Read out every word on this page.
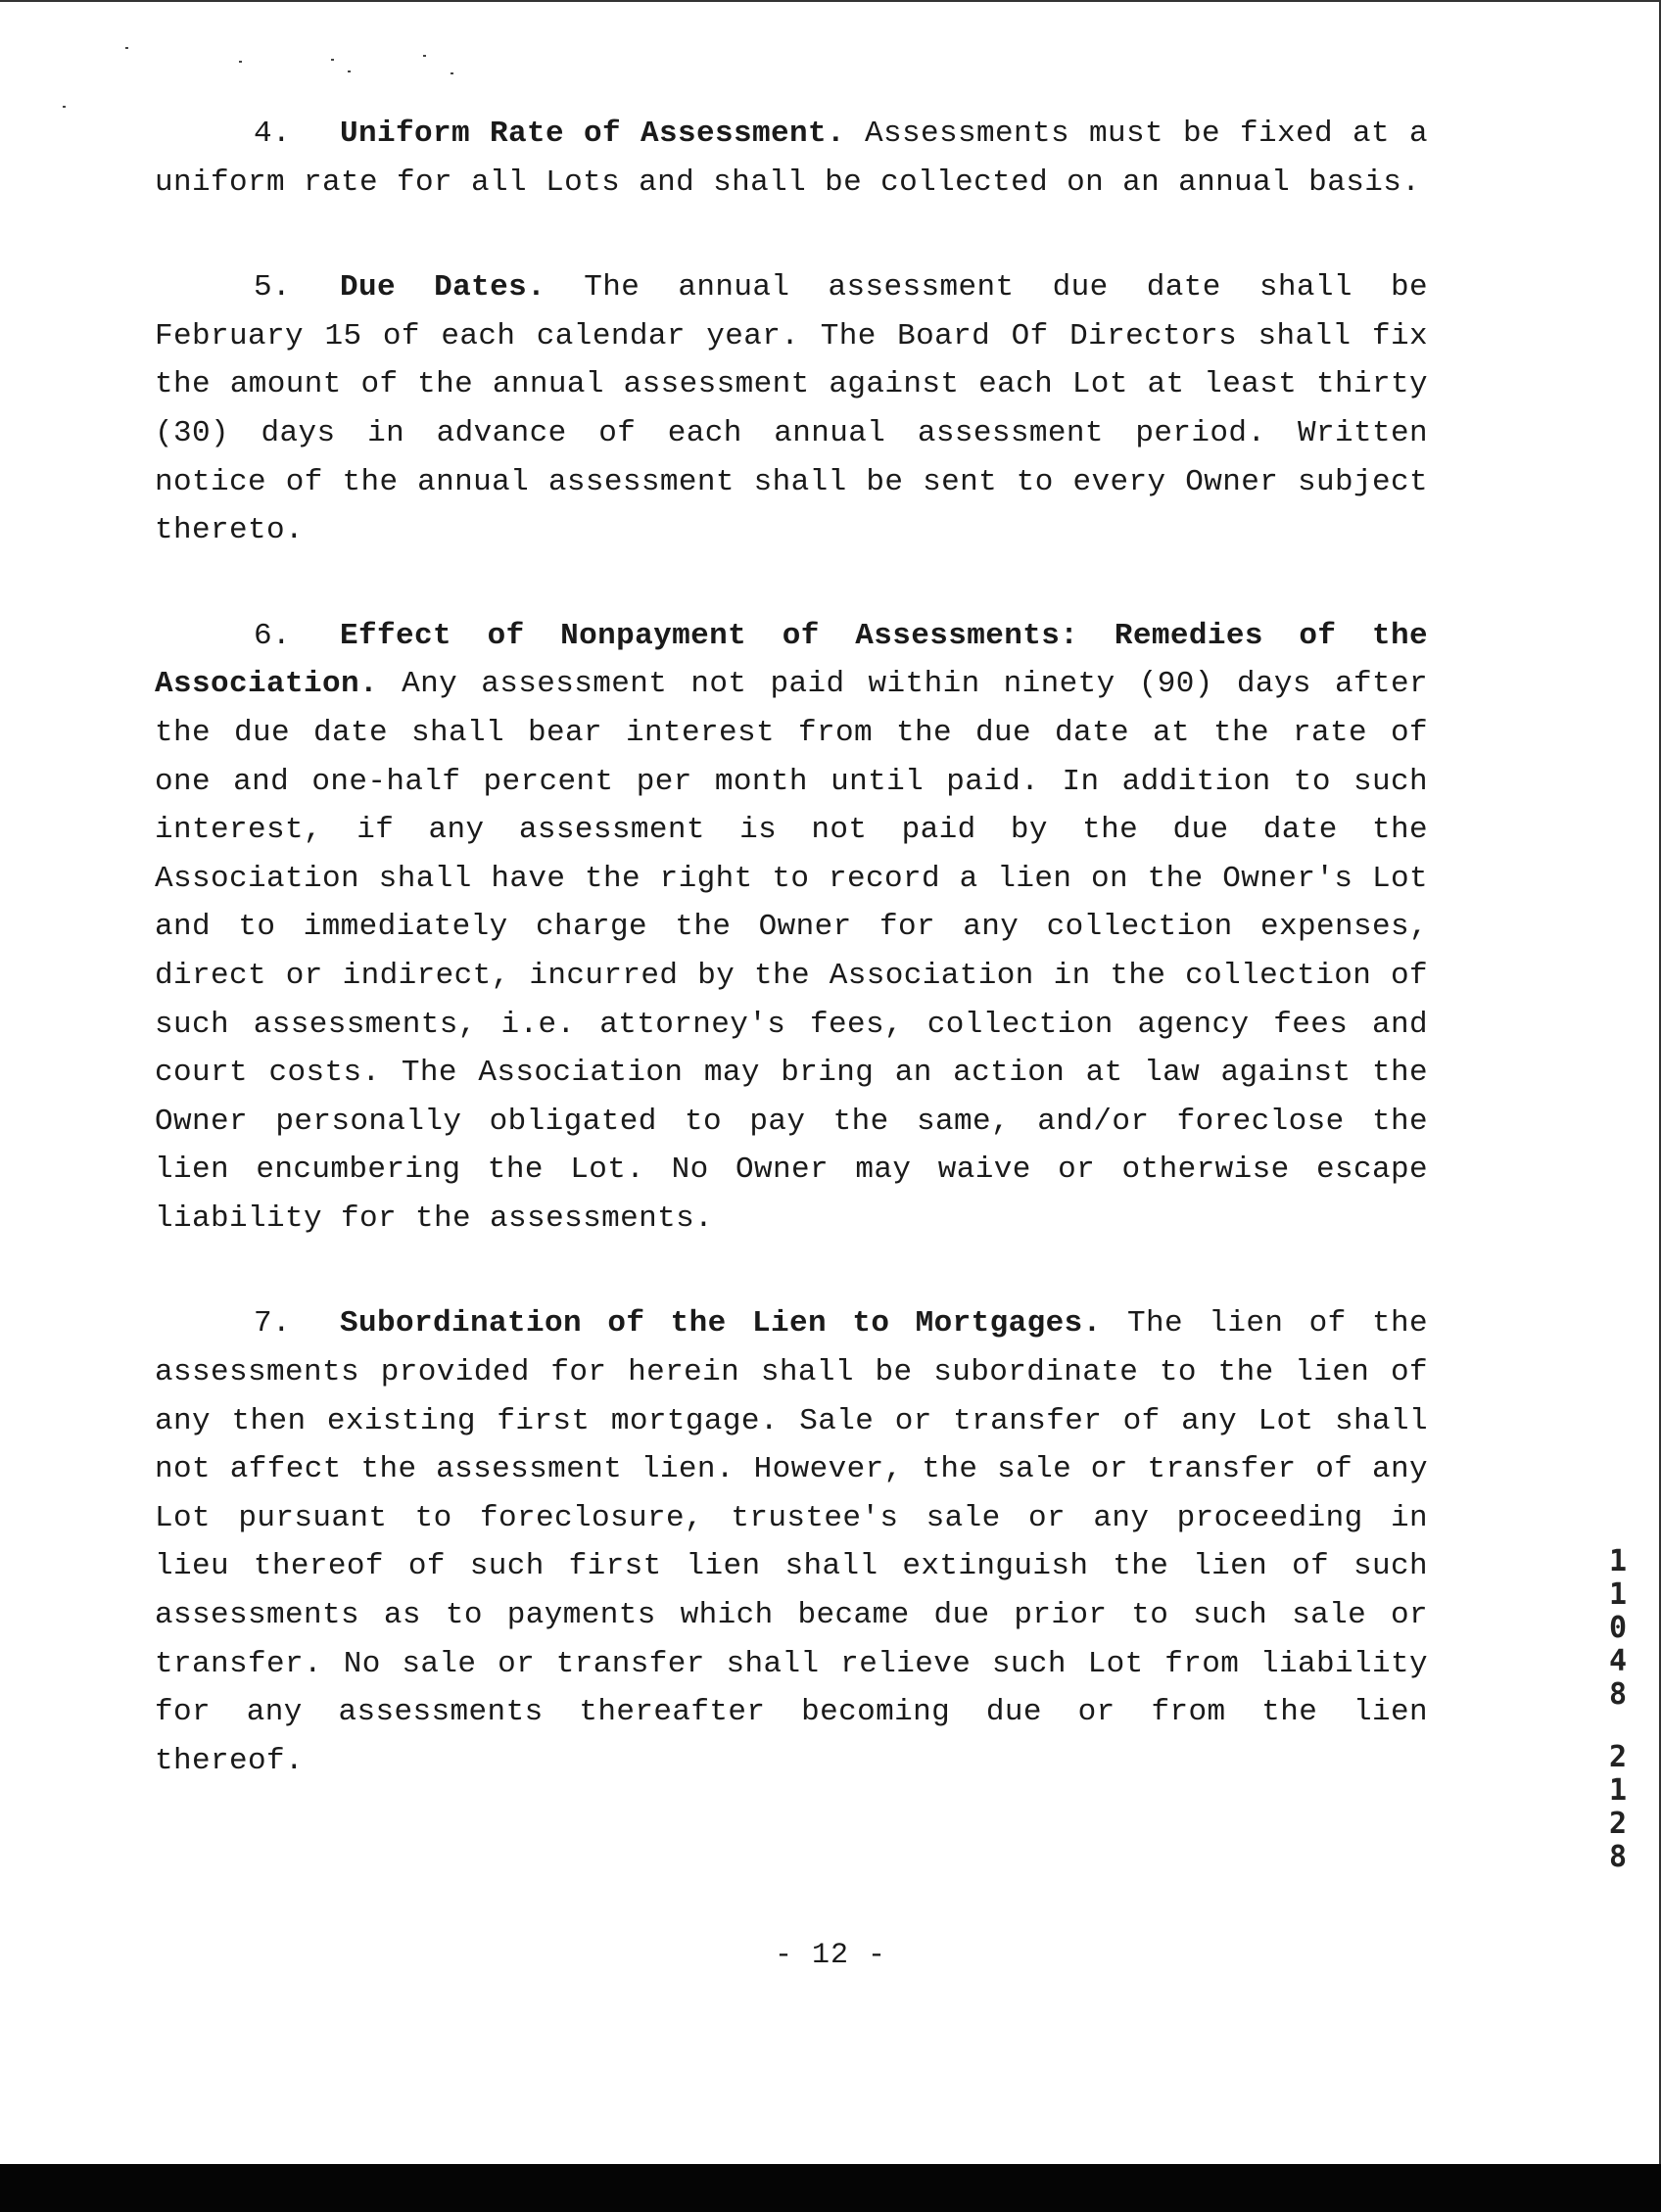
4. Uniform Rate of Assessment. Assessments must be fixed at a uniform rate for all Lots and shall be collected on an annual basis.

5. Due Dates. The annual assessment due date shall be February 15 of each calendar year. The Board Of Directors shall fix the amount of the annual assessment against each Lot at least thirty (30) days in advance of each annual assessment period. Written notice of the annual assessment shall be sent to every Owner subject thereto.

6. Effect of Nonpayment of Assessments: Remedies of the Association. Any assessment not paid within ninety (90) days after the due date shall bear interest from the due date at the rate of one and one-half percent per month until paid. In addition to such interest, if any assessment is not paid by the due date the Association shall have the right to record a lien on the Owner's Lot and to immediately charge the Owner for any collection expenses, direct or indirect, incurred by the Association in the collection of such assessments, i.e. attorney's fees, collection agency fees and court costs. The Association may bring an action at law against the Owner personally obligated to pay the same, and/or foreclose the lien encumbering the Lot. No Owner may waive or otherwise escape liability for the assessments.

7. Subordination of the Lien to Mortgages. The lien of the assessments provided for herein shall be subordinate to the lien of any then existing first mortgage. Sale or transfer of any Lot shall not affect the assessment lien. However, the sale or transfer of any Lot pursuant to foreclosure, trustee's sale or any proceeding in lieu thereof of such first lien shall extinguish the lien of such assessments as to payments which became due prior to such sale or transfer. No sale or transfer shall relieve such Lot from liability for any assessments thereafter becoming due or from the lien thereof.

1
1
0
4
8
2
1
2
8
- 12 -
